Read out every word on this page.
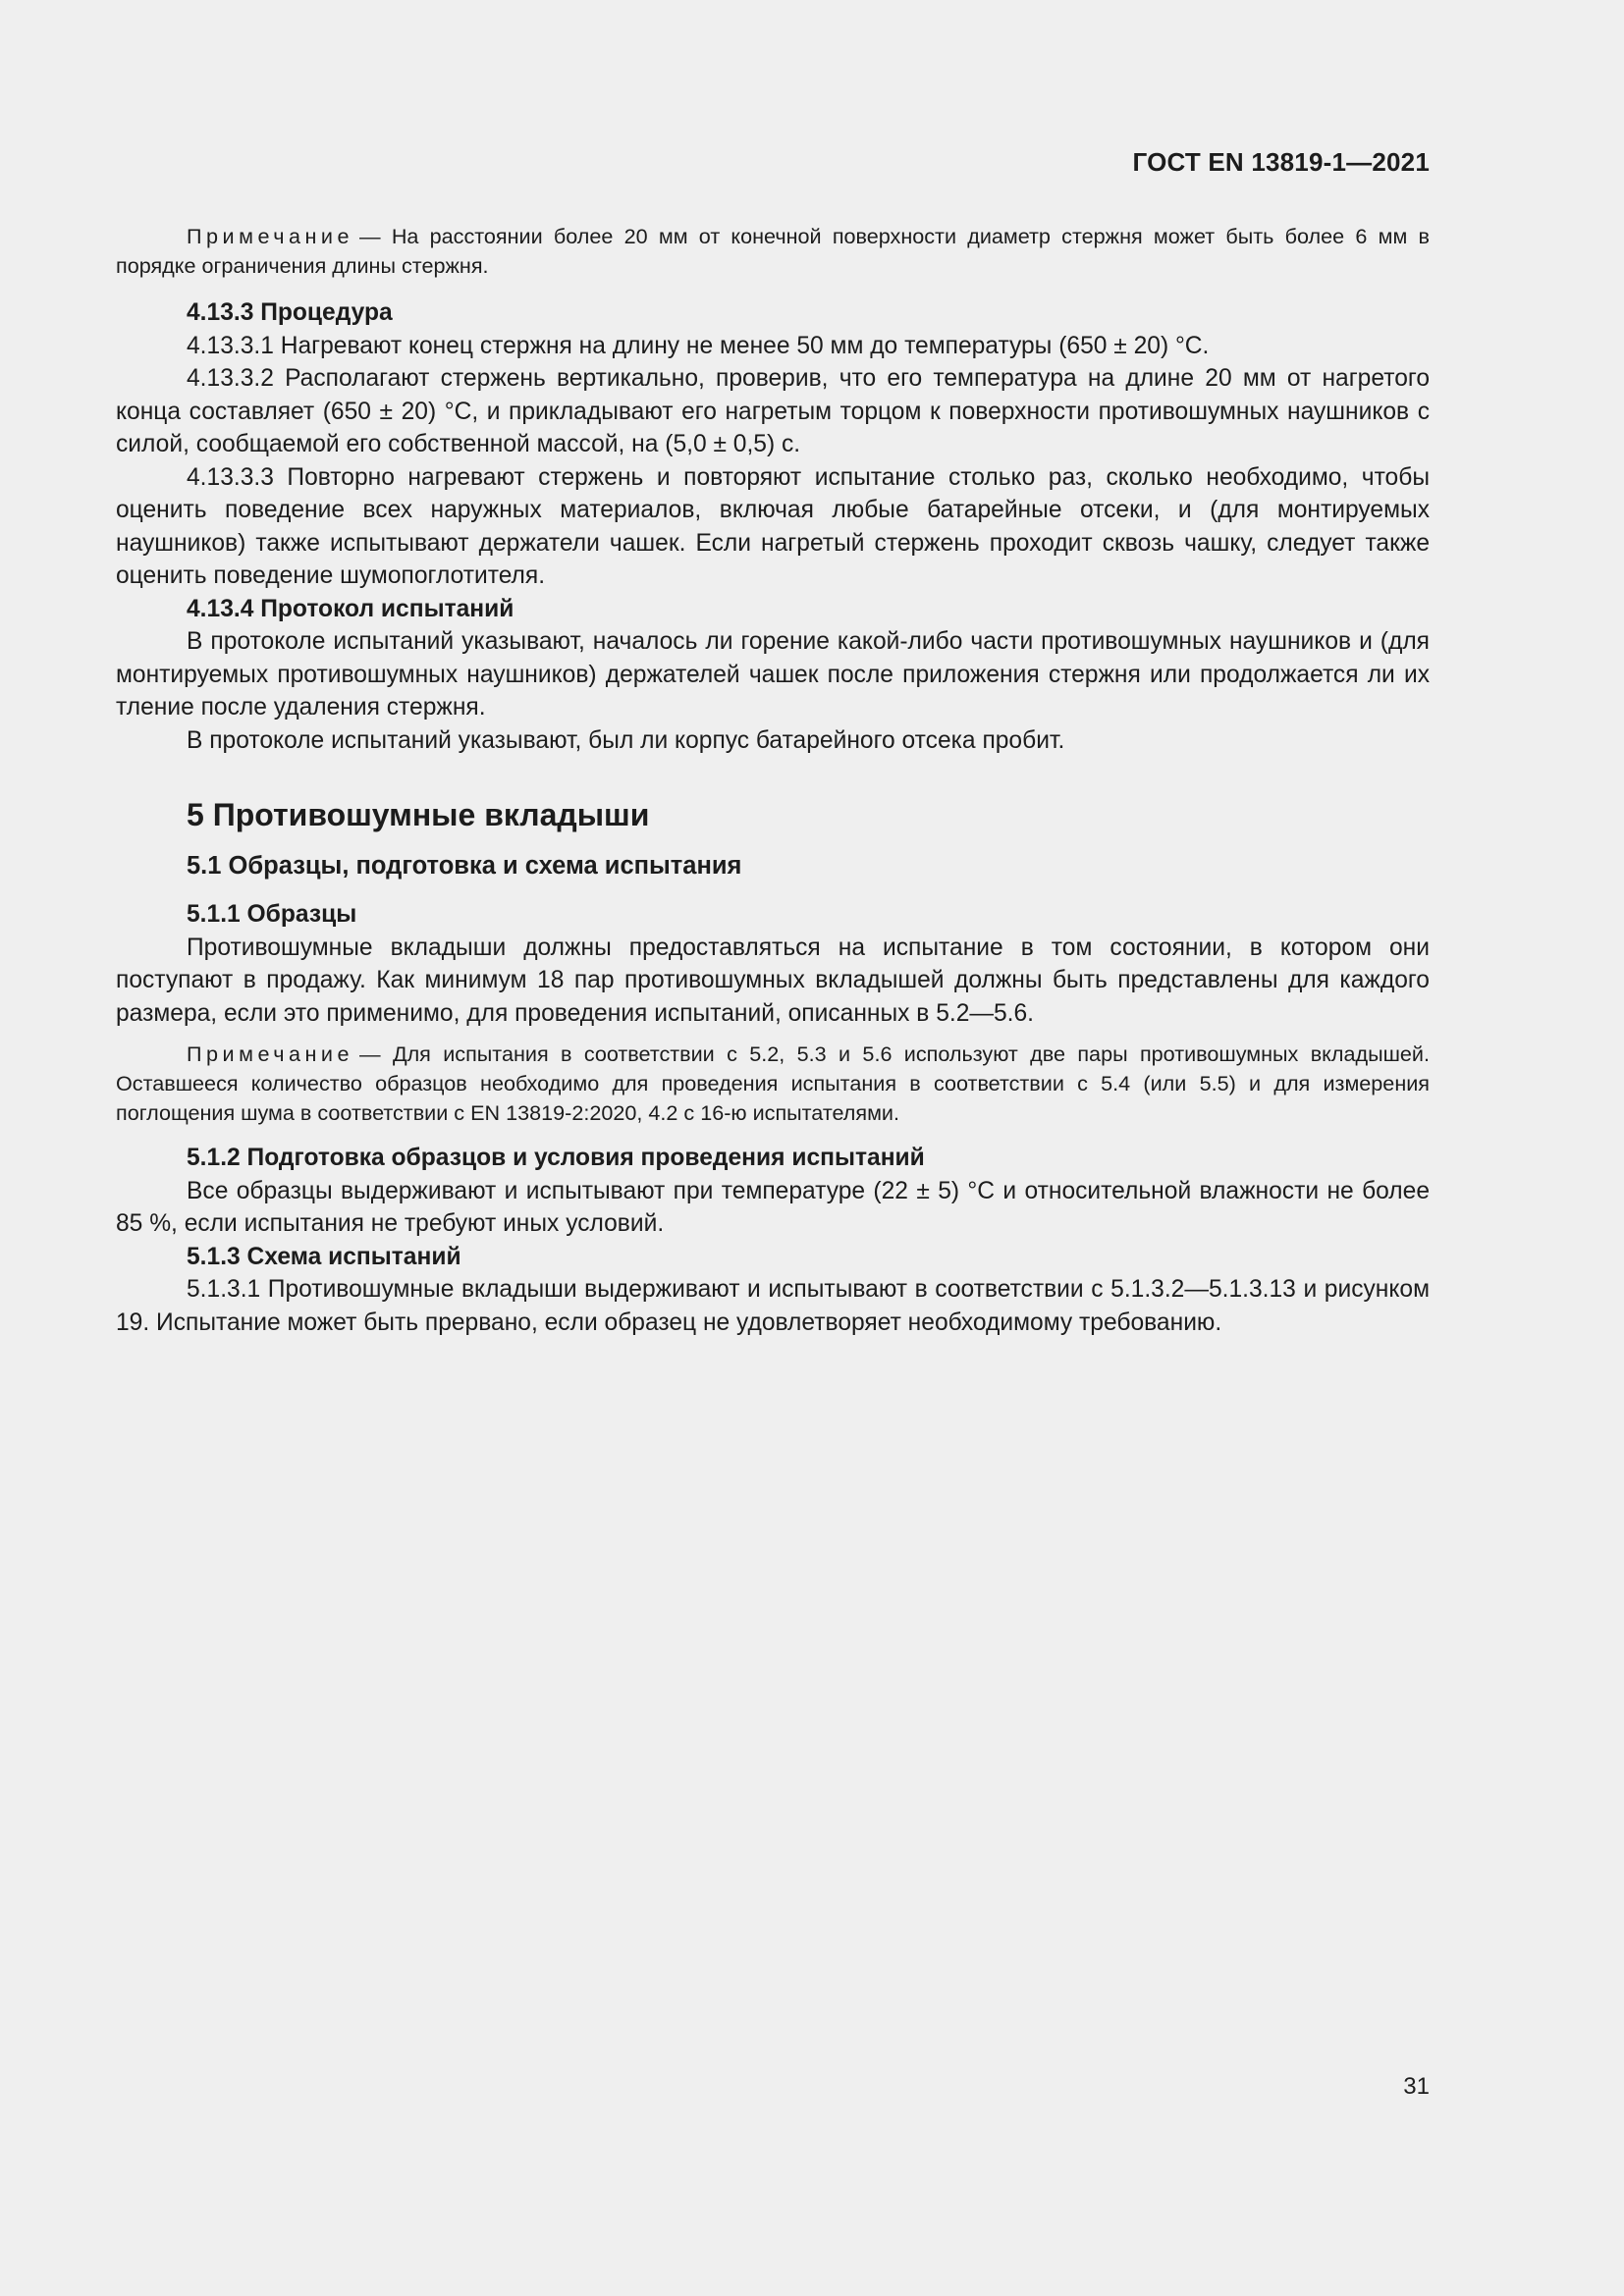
ГОСТ EN 13819-1—2021

Примечание — На расстоянии более 20 мм от конечной поверхности диаметр стержня может быть более 6 мм в порядке ограничения длины стержня.

4.13.3 Процедура

4.13.3.1 Нагревают конец стержня на длину не менее 50 мм до температуры (650 ± 20) °С.

4.13.3.2 Располагают стержень вертикально, проверив, что его температура на длине 20 мм от нагретого конца составляет (650 ± 20) °С, и прикладывают его нагретым торцом к поверхности противошумных наушников с силой, сообщаемой его собственной массой, на (5,0 ± 0,5) с.

4.13.3.3 Повторно нагревают стержень и повторяют испытание столько раз, сколько необходимо, чтобы оценить поведение всех наружных материалов, включая любые батарейные отсеки, и (для монтируемых наушников) также испытывают держатели чашек. Если нагретый стержень проходит сквозь чашку, следует также оценить поведение шумопоглотителя.

4.13.4 Протокол испытаний

В протоколе испытаний указывают, началось ли горение какой-либо части противошумных наушников и (для монтируемых противошумных наушников) держателей чашек после приложения стержня или продолжается ли их тление после удаления стержня.

В протоколе испытаний указывают, был ли корпус батарейного отсека пробит.

5 Противошумные вкладыши

5.1 Образцы, подготовка и схема испытания

5.1.1 Образцы

Противошумные вкладыши должны предоставляться на испытание в том состоянии, в котором они поступают в продажу. Как минимум 18 пар противошумных вкладышей должны быть представлены для каждого размера, если это применимо, для проведения испытаний, описанных в 5.2—5.6.

Примечание — Для испытания в соответствии с 5.2, 5.3 и 5.6 используют две пары противошумных вкладышей. Оставшееся количество образцов необходимо для проведения испытания в соответствии с 5.4 (или 5.5) и для измерения поглощения шума в соответствии с EN 13819-2:2020, 4.2 с 16-ю испытателями.

5.1.2 Подготовка образцов и условия проведения испытаний

Все образцы выдерживают и испытывают при температуре (22 ± 5) °С и относительной влажности не более 85 %, если испытания не требуют иных условий.

5.1.3 Схема испытаний

5.1.3.1 Противошумные вкладыши выдерживают и испытывают в соответствии с 5.1.3.2—5.1.3.13 и рисунком 19. Испытание может быть прервано, если образец не удовлетворяет необходимому требованию.

31
